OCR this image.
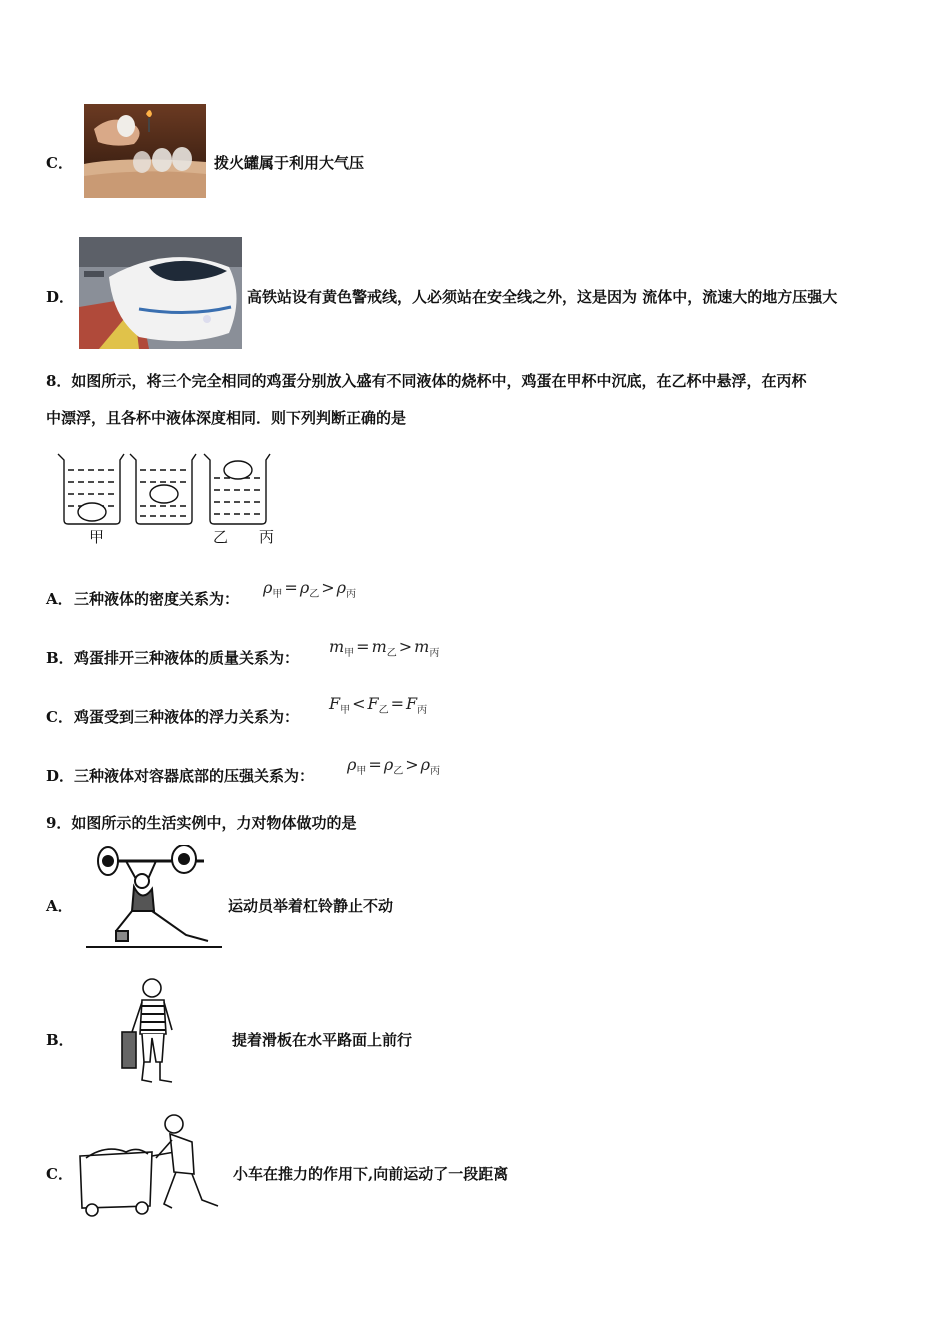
C．	拨火罐属于利用大气压
D．	高铁站设有黄色警戒线，人必须站在安全线之外，这是因为 流体中，流速大的地方压强大
8．如图所示，将三个完全相同的鸡蛋分别放入盛有不同液体的烧杯中，鸡蛋在甲杯中沉底，在乙杯中悬浮，在丙杯
中漂浮，且各杯中液体深度相同．则下列判断正确的是
甲	乙 丙
A． 三种液体的密度关系为：
$\rho_甲 = \rho_乙 > \rho_丙$
B． 鸡蛋排开三种液体的质量关系为：
$m_甲 = m_乙 > m_丙$
C． 鸡蛋受到三种液体的浮力关系为：
$F_甲 < F_乙 = F_丙$
D． 三种液体对容器底部的压强关系为：
$\rho_甲 = \rho_乙 > \rho_丙$
9．如图所示的生活实例中，力对物体做功的是
A．	运动员举着杠铃静止不动
B．	提着滑板在水平路面上前行
C．	小车在推力的作用下,向前运动了一段距离
